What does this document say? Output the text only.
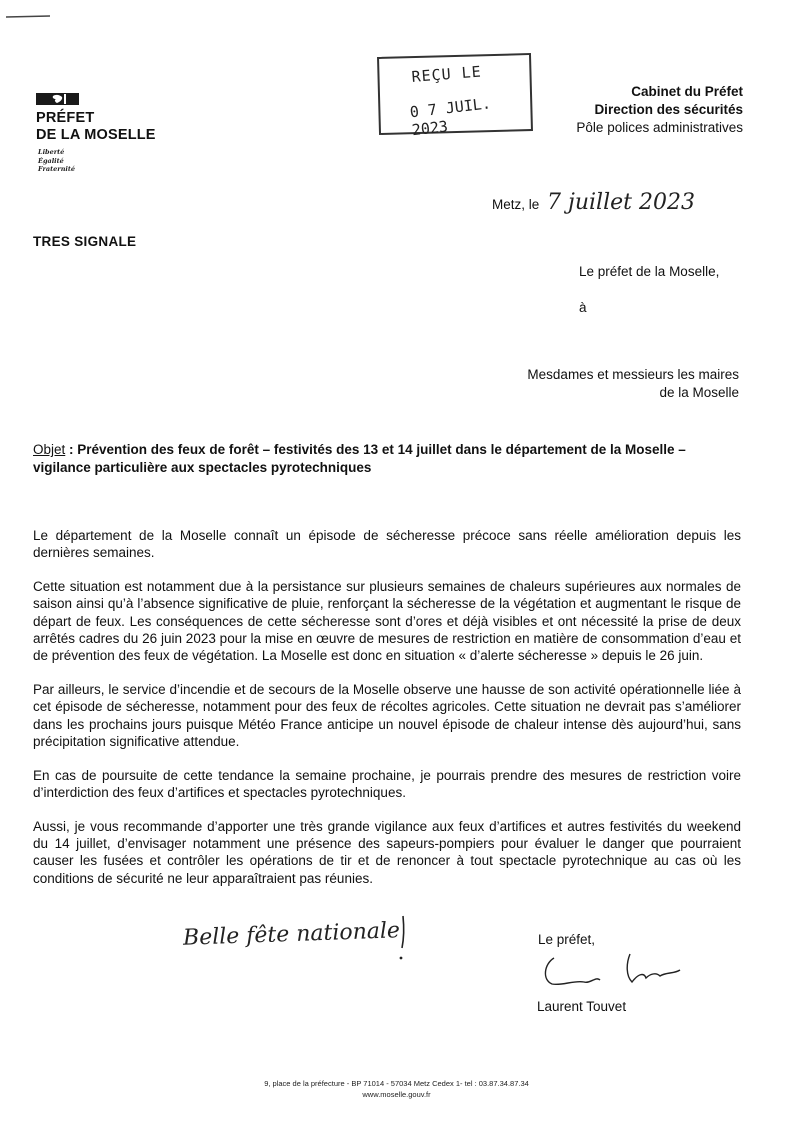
PRÉFET
DE LA MOSELLE
Liberté
Égalité
Fraternité
REÇU LE
0 7 JUIL. 2023
Cabinet du Préfet
Direction des sécurités
Pôle polices administratives
Metz, le 7 juillet 2023
TRES SIGNALE
Le préfet de la Moselle,
à
Mesdames et messieurs les maires
de la Moselle
Objet : Prévention des feux de forêt – festivités des 13 et 14 juillet dans le département de la Moselle – vigilance particulière aux spectacles pyrotechniques

Le département de la Moselle connaît un épisode de sécheresse précoce sans réelle amélioration depuis les dernières semaines.

Cette situation est notamment due à la persistance sur plusieurs semaines de chaleurs supérieures aux normales de saison ainsi qu’à l’absence significative de pluie, renforçant la sécheresse de la végétation et augmentant le risque de départ de feux. Les conséquences de cette sécheresse sont d’ores et déjà visibles et ont nécessité la prise de deux arrêtés cadres du 26 juin 2023 pour la mise en œuvre de mesures de restriction en matière de consommation d’eau et de prévention des feux de végétation. La Moselle est donc en situation « d’alerte sécheresse » depuis le 26 juin.

Par ailleurs, le service d’incendie et de secours de la Moselle observe une hausse de son activité opérationnelle liée à cet épisode de sécheresse, notamment pour des feux de récoltes agricoles. Cette situation ne devrait pas s’améliorer dans les prochains jours puisque Météo France anticipe un nouvel épisode de chaleur intense dès aujourd’hui, sans précipitation significative attendue.

En cas de poursuite de cette tendance la semaine prochaine, je pourrais prendre des mesures de restriction voire d’interdiction des feux d’artifices et spectacles pyrotechniques.

Aussi, je vous recommande d’apporter une très grande vigilance aux feux d’artifices et autres festivités du weekend du 14 juillet, d’envisager notamment une présence des sapeurs-pompiers pour évaluer le danger que pourraient causer les fusées et contrôler les opérations de tir et de renoncer à tout spectacle pyrotechnique au cas où les conditions de sécurité ne leur apparaîtraient pas réunies.

Belle fête nationale	Le préfet,
Laurent Touvet
9, place de la préfecture - BP 71014 - 57034 Metz Cedex 1- tel : 03.87.34.87.34
www.moselle.gouv.fr
